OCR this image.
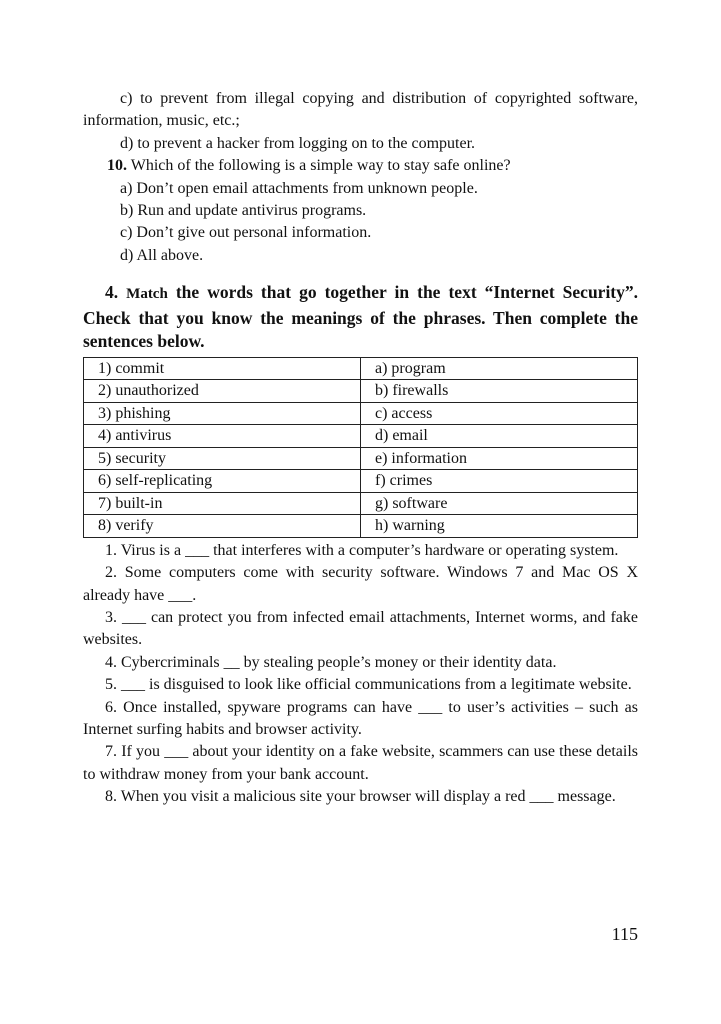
c) to prevent from illegal copying and distribution of copyrighted software, information, music, etc.;

d) to prevent a hacker from logging on to the computer.

10. Which of the following is a simple way to stay safe online?

a) Don’t open email attachments from unknown people.

b) Run and update antivirus programs.

c) Don’t give out personal information.

d) All above.

4. Match the words that go together in the text “Internet Security”. Check that you know the meanings of the phrases. Then complete the sentences below.

1) commit	a) program
2) unauthorized	b) firewalls
3) phishing	c) access
4) antivirus	d) email
5) security	e) information
6) self-replicating	f) crimes
7) built-in	g) software
8) verify	h) warning

1. Virus is a ___ that interferes with a computer’s hardware or operating system.

2. Some computers come with security software. Windows 7 and Mac OS X already have ___.

3. ___ can protect you from infected email attachments, Internet worms, and fake websites.

4. Cybercriminals __ by stealing people’s money or their identity data.

5. ___ is disguised to look like official communications from a legitimate website.

6. Once installed, spyware programs can have ___ to user’s activities – such as Internet surfing habits and browser activity.

7. If you ___ about your identity on a fake website, scammers can use these details to withdraw money from your bank account.

8. When you visit a malicious site your browser will display a red ___ message.

115
